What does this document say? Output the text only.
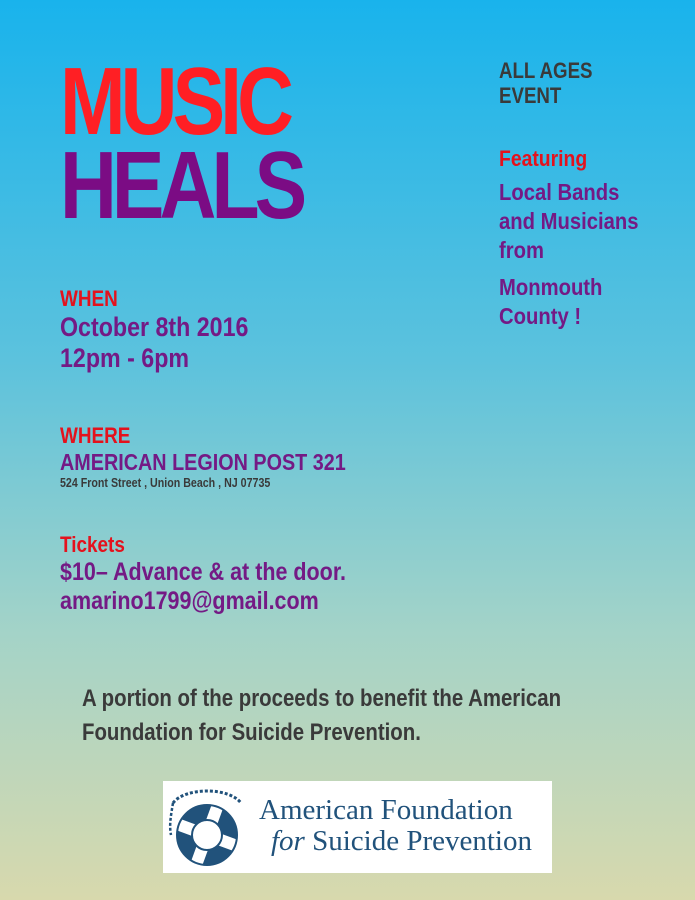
MUSIC
HEALS
ALL AGES
EVENT
Featuring
Local Bands
and Musicians
from
Monmouth
County !
WHEN
October 8th 2016
12pm - 6pm
WHERE
AMERICAN LEGION POST 321
524 Front Street , Union Beach , NJ 07735
Tickets
$10– Advance & at the door.
amarino1799@gmail.com
A portion of the proceeds to benefit the American
Foundation for Suicide Prevention.
American Foundation
for Suicide Prevention
